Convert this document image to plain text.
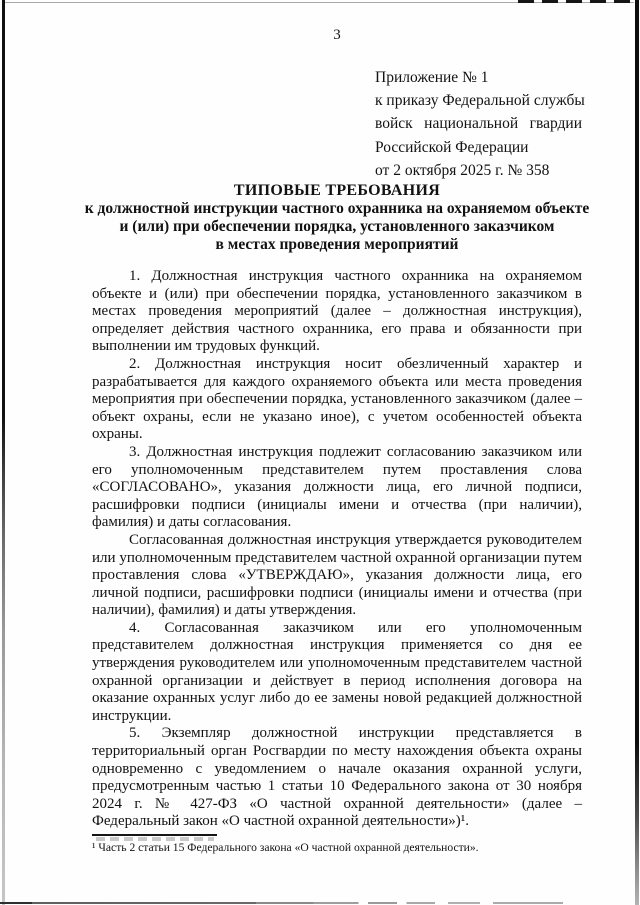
3
Приложение № 1
к приказу Федеральной службы
войск национальной гвардии
Российской Федерации
от 2 октября 2025 г. № 358
ТИПОВЫЕ ТРЕБОВАНИЯ
к должностной инструкции частного охранника на охраняемом объекте
и (или) при обеспечении порядка, установленного заказчиком
в местах проведения мероприятий

1. Должностная инструкция частного охранника на охраняемом объекте и (или) при обеспечении порядка, установленного заказчиком в местах проведения мероприятий (далее – должностная инструкция), определяет действия частного охранника, его права и обязанности при выполнении им трудовых функций.

2. Должностная инструкция носит обезличенный характер и разрабатывается для каждого охраняемого объекта или места проведения мероприятия при обеспечении порядка, установленного заказчиком (далее – объект охраны, если не указано иное), с учетом особенностей объекта охраны.

3. Должностная инструкция подлежит согласованию заказчиком или его уполномоченным представителем путем проставления слова «СОГЛАСОВАНО», указания должности лица, его личной подписи, расшифровки подписи (инициалы имени и отчества (при наличии), фамилия) и даты согласования.

Согласованная должностная инструкция утверждается руководителем или уполномоченным представителем частной охранной организации путем проставления слова «УТВЕРЖДАЮ», указания должности лица, его личной подписи, расшифровки подписи (инициалы имени и отчества (при наличии), фамилия) и даты утверждения.

4. Согласованная заказчиком или его уполномоченным представителем должностная инструкция применяется со дня ее утверждения руководителем или уполномоченным представителем частной охранной организации и действует в период исполнения договора на оказание охранных услуг либо до ее замены новой редакцией должностной инструкции.

5. Экземпляр должностной инструкции представляется в территориальный орган Росгвардии по месту нахождения объекта охраны одновременно с уведомлением о начале оказания охранной услуги, предусмотренным частью 1 статьи 10 Федерального закона от 30 ноября 2024 г. № 427-ФЗ «О частной охранной деятельности» (далее – Федеральный закон «О частной охранной деятельности»)¹.

¹ Часть 2 статьи 15 Федерального закона «О частной охранной деятельности».
